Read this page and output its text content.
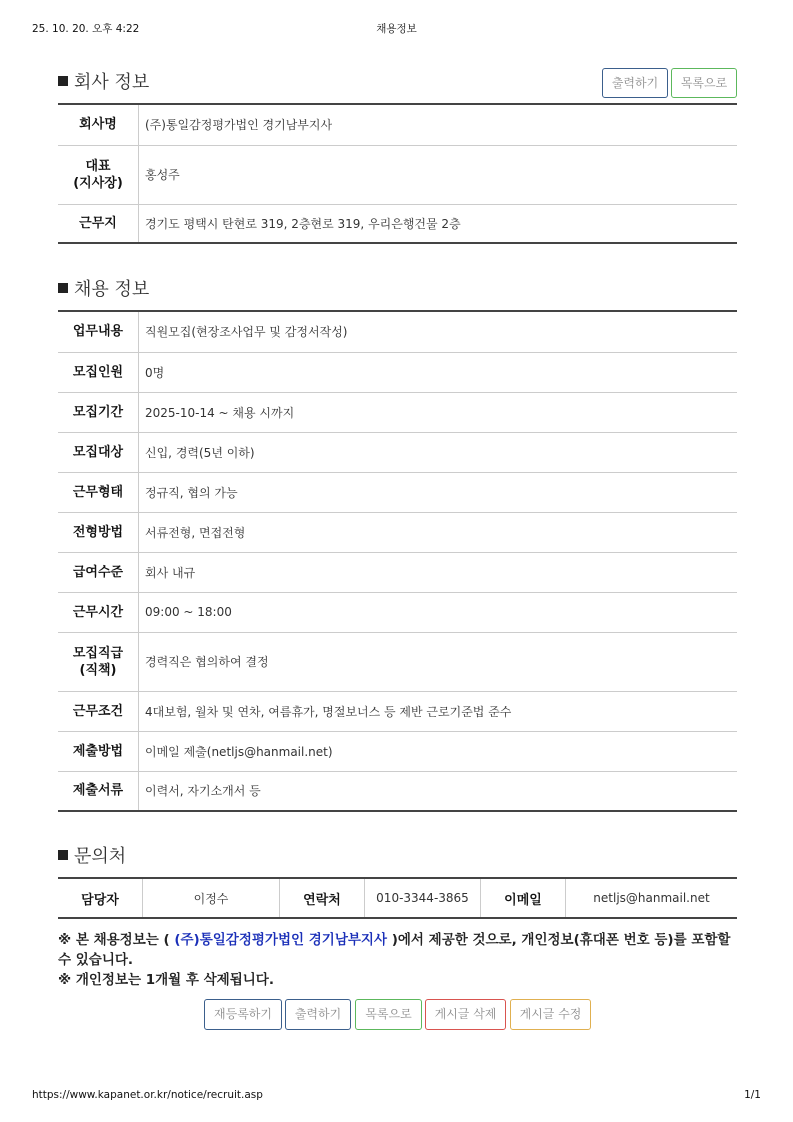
25. 10. 20. 오후 4:22	채용정보
회사 정보	출력하기	목록으로
회사명	(주)통일감정평가법인 경기남부지사
대표
(지사장)	홍성주
근무지	경기도 평택시 탄현로 319, 2층현로 319, 우리은행건물 2층
채용 정보
업무내용	직원모집(현장조사업무 및 감정서작성)
모집인원	0명
모집기간	2025-10-14 ~ 채용 시까지
모집대상	신입, 경력(5년 이하)
근무형태	정규직, 협의 가능
전형방법	서류전형, 면접전형
급여수준	회사 내규
근무시간	09:00 ~ 18:00
모집직급
(직책)	경력직은 협의하여 결정
근무조건	4대보험, 월차 및 연차, 여름휴가, 명절보너스 등 제반 근로기준법 준수
제출방법	이메일 제출(netljs@hanmail.net)
제출서류	이력서, 자기소개서 등
문의처
담당자	이정수	연락처	010-3344-3865	이메일	netljs@hanmail.net
※ 본 채용정보는 ( (주)통일감정평가법인 경기남부지사 )에서 제공한 것으로, 개인정보(휴대폰 번호 등)를 포함할 수 있습니다.
※ 개인정보는 1개월 후 삭제됩니다.
재등록하기	출력하기	목록으로	게시글 삭제	게시글 수정
https://www.kapanet.or.kr/notice/recruit.asp	1/1
